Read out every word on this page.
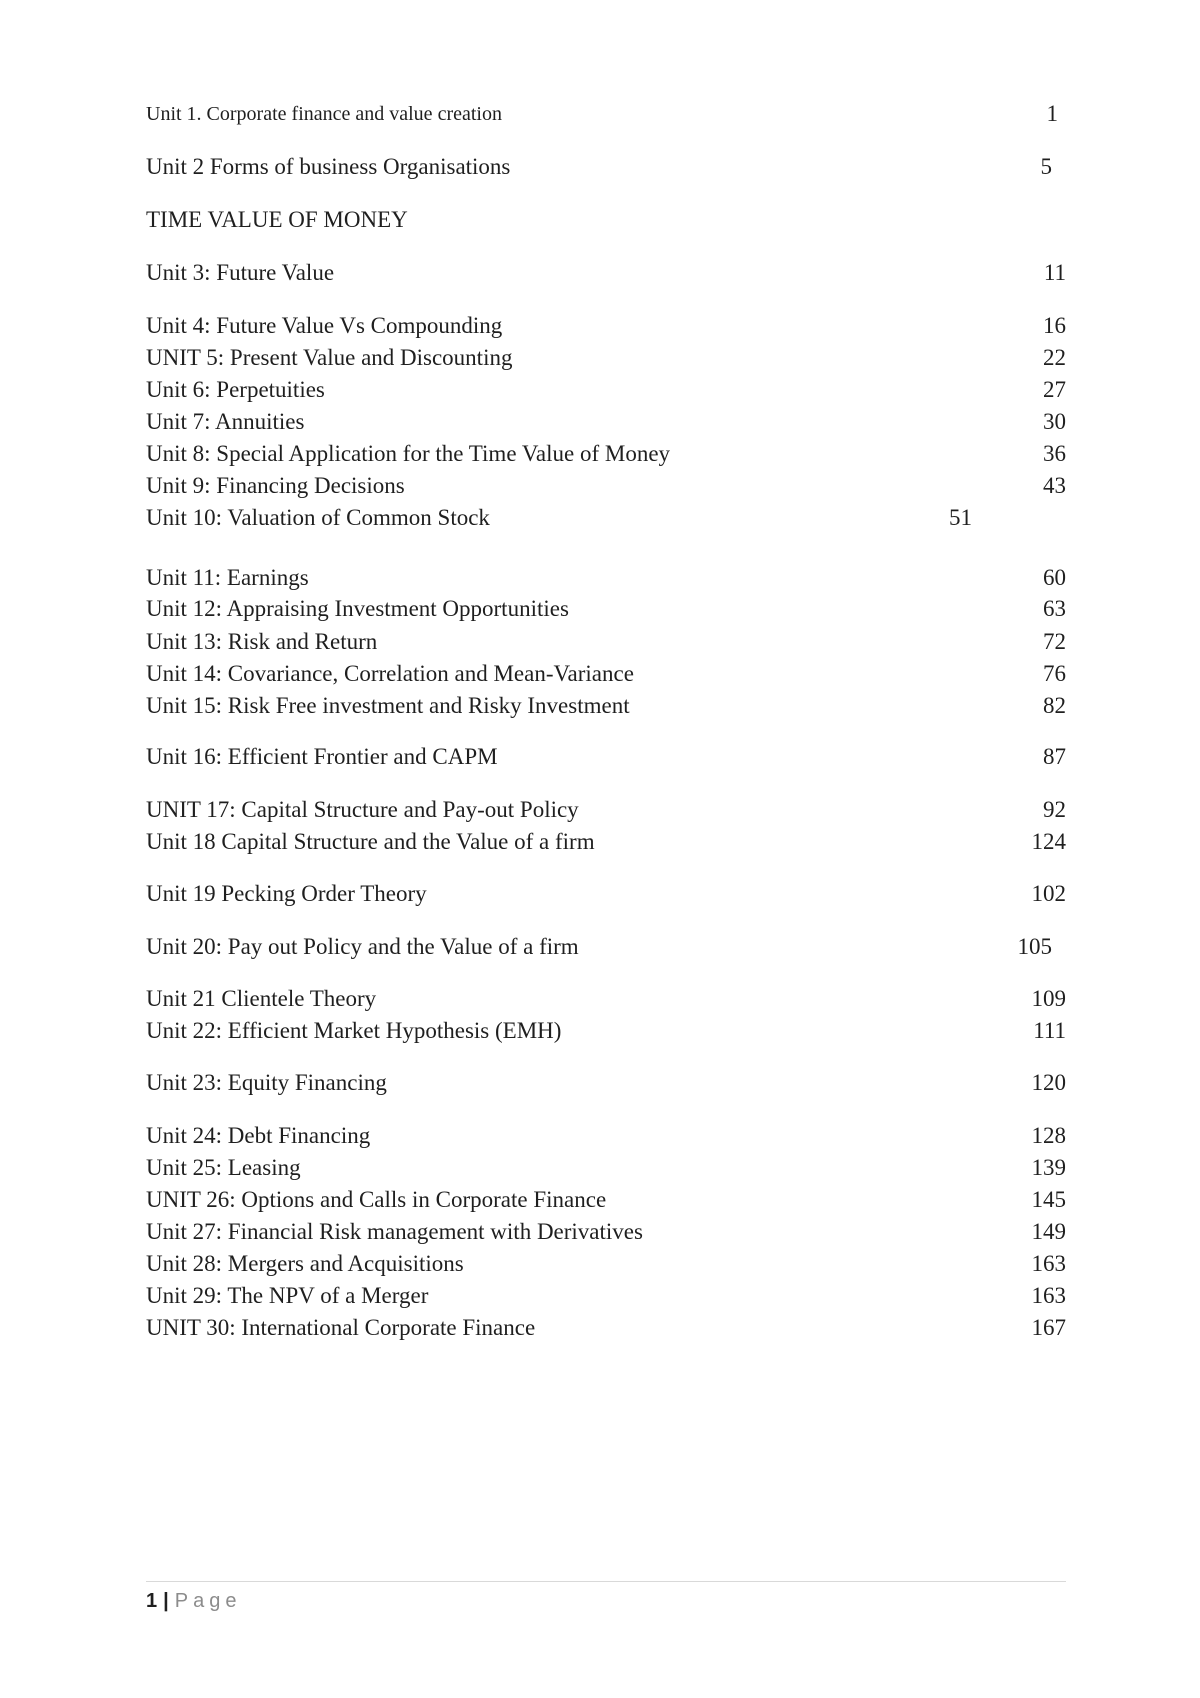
Unit 1. Corporate finance and value creation	1
Unit 2 Forms of business Organisations	5
TIME VALUE OF MONEY
Unit 3: Future Value	11
Unit 4: Future Value Vs Compounding	16
UNIT 5: Present Value and Discounting	22
Unit 6: Perpetuities	27
Unit 7: Annuities	30
Unit 8: Special Application for the Time Value of Money	36
Unit 9: Financing Decisions	43
Unit 10: Valuation of Common Stock	51
Unit 11: Earnings	60
Unit 12: Appraising Investment Opportunities	63
Unit 13: Risk and Return	72
Unit 14: Covariance, Correlation and Mean-Variance	76
Unit 15: Risk Free investment and Risky Investment	82
Unit 16: Efficient Frontier and CAPM	87
UNIT 17: Capital Structure and Pay-out Policy	92
Unit 18 Capital Structure and the Value of a firm	124
Unit 19 Pecking Order Theory	102
Unit 20: Pay out Policy and the Value of a firm	105
Unit 21 Clientele Theory	109
Unit 22: Efficient Market Hypothesis (EMH)	111
Unit 23: Equity Financing	120
Unit 24: Debt Financing	128
Unit 25: Leasing	139
UNIT 26: Options and Calls in Corporate Finance	145
Unit 27: Financial Risk management with Derivatives	149
Unit 28: Mergers and Acquisitions	163
Unit 29: The NPV of a Merger	163
UNIT 30: International Corporate Finance	167
1 | Page
